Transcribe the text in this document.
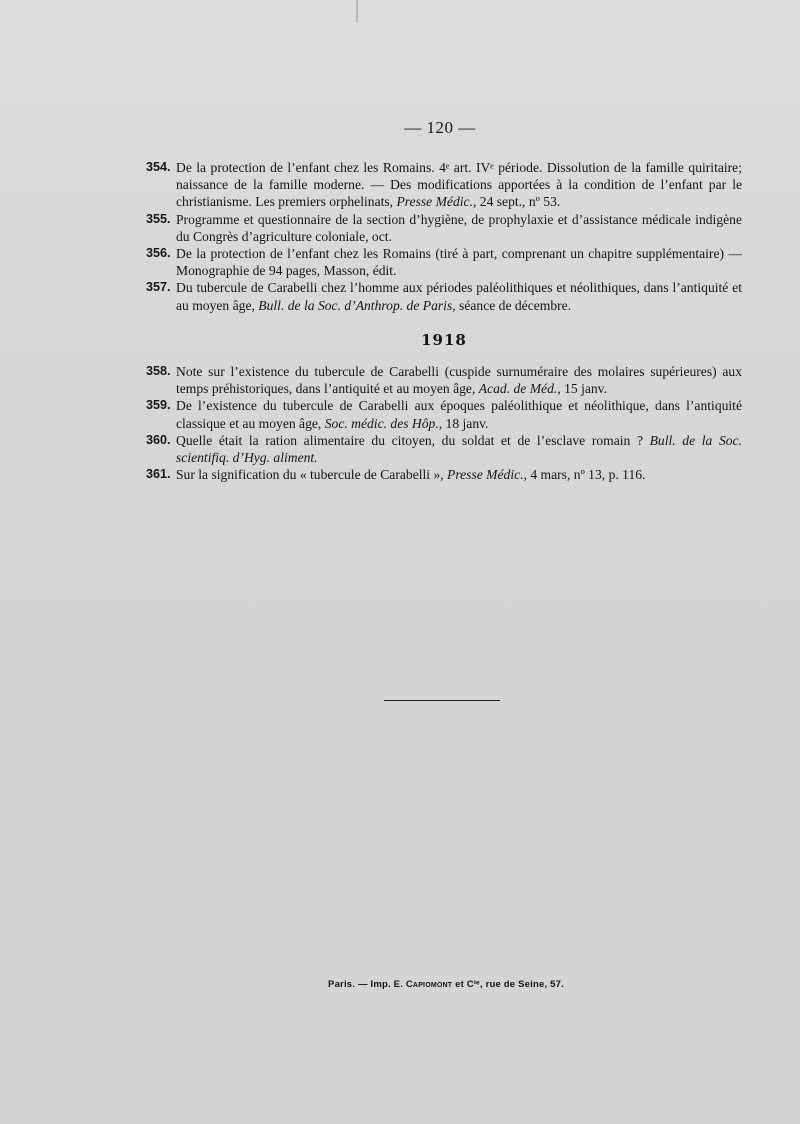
— 120 —
354. De la protection de l’enfant chez les Romains. 4ᵉ art. IVᵉ période. Dissolution de la famille quiritaire; naissance de la famille moderne. — Des modifications apportées à la condition de l’enfant par le christianisme. Les premiers orphelinats, Presse Médic., 24 sept., nº 53.
355. Programme et questionnaire de la section d’hygiène, de prophylaxie et d’assistance médicale indigène du Congrès d’agriculture coloniale, oct.
356. De la protection de l’enfant chez les Romains (tiré à part, comprenant un chapitre supplémentaire) — Monographie de 94 pages, Masson, édit.
357. Du tubercule de Carabelli chez l’homme aux périodes paléolithiques et néolithiques, dans l’antiquité et au moyen âge, Bull. de la Soc. d’Anthrop. de Paris, séance de décembre.
1918
358. Note sur l’existence du tubercule de Carabelli (cuspide surnuméraire des molaires supérieures) aux temps préhistoriques, dans l’antiquité et au moyen âge, Acad. de Méd., 15 janv.
359. De l’existence du tubercule de Carabelli aux époques paléolithique et néolithique, dans l’antiquité classique et au moyen âge, Soc. médic. des Hôp., 18 janv.
360. Quelle était la ration alimentaire du citoyen, du soldat et de l’esclave romain ? Bull. de la Soc. scientifiq. d’Hyg. aliment.
361. Sur la signification du « tubercule de Carabelli », Presse Médic., 4 mars, nº 13, p. 116.
Paris. — Imp. E. Capiomont et Cⁱᵉ, rue de Seine, 57.
